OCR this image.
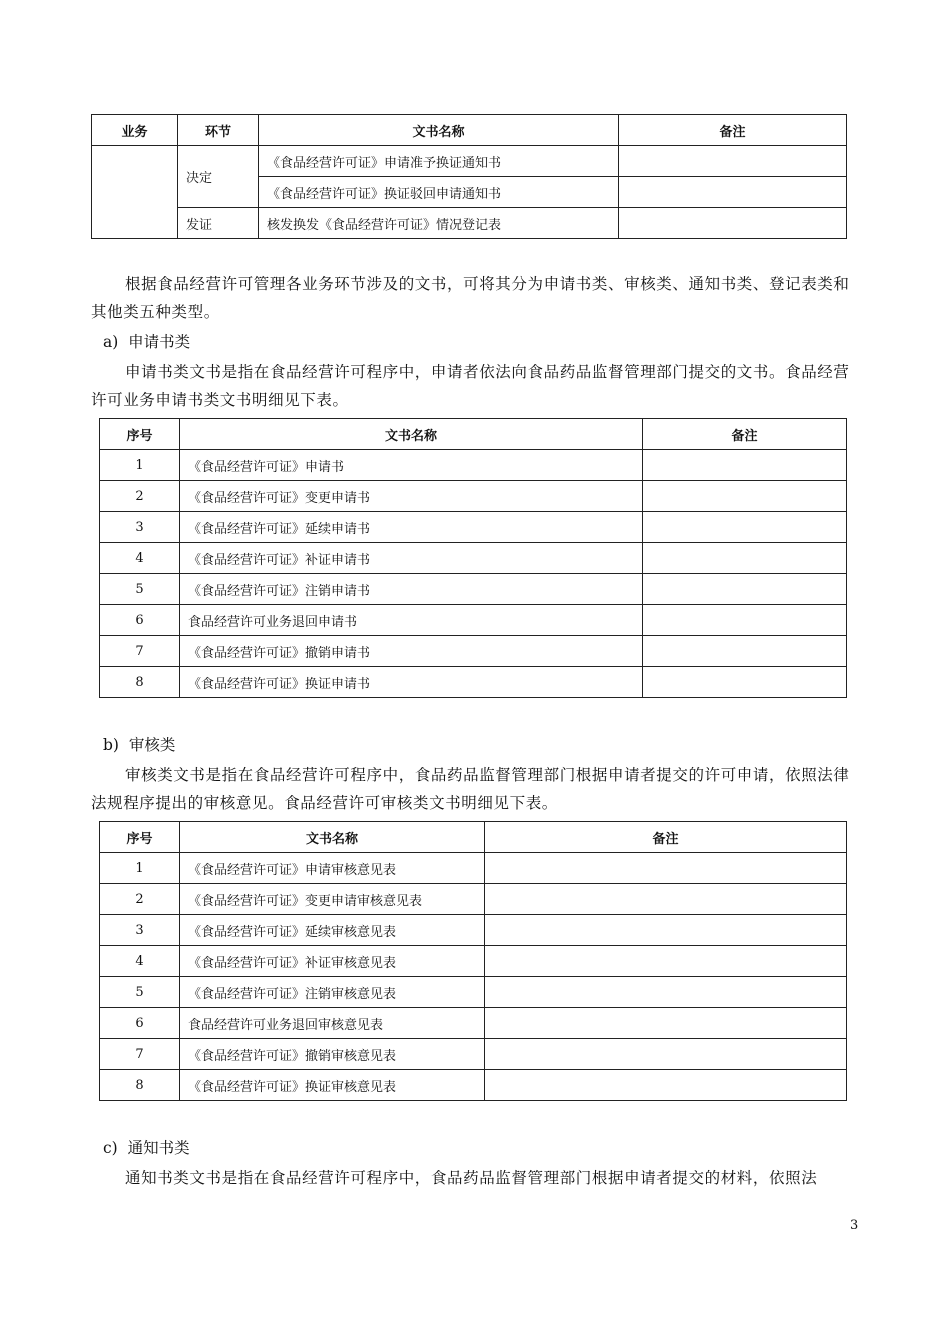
业务	环节	文书名称	备注
	决定	《食品经营许可证》申请准予换证通知书	
		《食品经营许可证》换证驳回申请通知书	
	发证	核发换发《食品经营许可证》情况登记表	
根据食品经营许可管理各业务环节涉及的文书，可将其分为申请书类、审核类、通知书类、登记表类和其他类五种类型。
a) 申请书类
申请书类文书是指在食品经营许可程序中，申请者依法向食品药品监督管理部门提交的文书。食品经营许可业务申请书类文书明细见下表。
序号	文书名称	备注
1	《食品经营许可证》申请书	
2	《食品经营许可证》变更申请书	
3	《食品经营许可证》延续申请书	
4	《食品经营许可证》补证申请书	
5	《食品经营许可证》注销申请书	
6	食品经营许可业务退回申请书	
7	《食品经营许可证》撤销申请书	
8	《食品经营许可证》换证申请书	
b) 审核类
审核类文书是指在食品经营许可程序中，食品药品监督管理部门根据申请者提交的许可申请，依照法律法规程序提出的审核意见。食品经营许可审核类文书明细见下表。
序号	文书名称	备注
1	《食品经营许可证》申请审核意见表	
2	《食品经营许可证》变更申请审核意见表	
3	《食品经营许可证》延续审核意见表	
4	《食品经营许可证》补证审核意见表	
5	《食品经营许可证》注销审核意见表	
6	食品经营许可业务退回审核意见表	
7	《食品经营许可证》撤销审核意见表	
8	《食品经营许可证》换证审核意见表	
c) 通知书类
通知书类文书是指在食品经营许可程序中，食品药品监督管理部门根据申请者提交的材料，依照法
3
